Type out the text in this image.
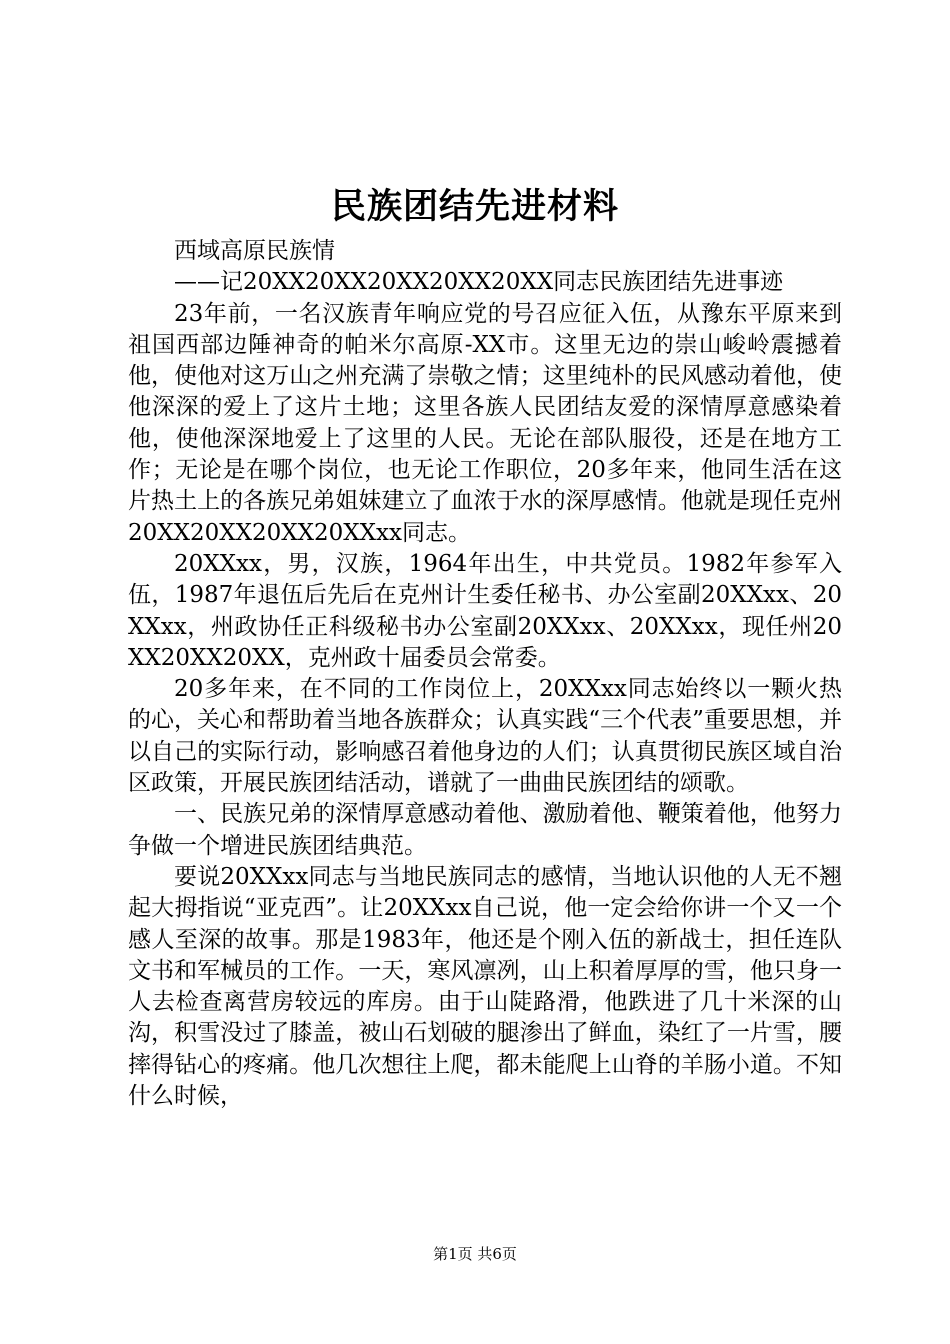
民族团结先进材料

西域高原民族情

——记20XX20XX20XX20XX20XX同志民族团结先进事迹

23年前，一名汉族青年响应党的号召应征入伍，从豫东平原来到祖国西部边陲神奇的帕米尔高原-XX市。这里无边的崇山峻岭震撼着他，使他对这万山之州充满了崇敬之情；这里纯朴的民风感动着他，使他深深的爱上了这片土地；这里各族人民团结友爱的深情厚意感染着他，使他深深地爱上了这里的人民。无论在部队服役，还是在地方工作；无论是在哪个岗位，也无论工作职位，20多年来，他同生活在这片热土上的各族兄弟姐妹建立了血浓于水的深厚感情。他就是现任克州20XX20XX20XX20XXxx同志。

20XXxx，男，汉族，1964年出生，中共党员。1982年参军入伍，1987年退伍后先后在克州计生委任秘书、办公室副20XXxx、20XXxx，州政协任正科级秘书办公室副20XXxx、20XXxx，现任州20XX20XX20XX，克州政十届委员会常委。

20多年来，在不同的工作岗位上，20XXxx同志始终以一颗火热的心，关心和帮助着当地各族群众；认真实践“三个代表”重要思想，并以自己的实际行动，影响感召着他身边的人们；认真贯彻民族区域自治区政策，开展民族团结活动，谱就了一曲曲民族团结的颂歌。

一、民族兄弟的深情厚意感动着他、激励着他、鞭策着他，他努力争做一个增进民族团结典范。

要说20XXxx同志与当地民族同志的感情，当地认识他的人无不翘起大拇指说“亚克西”。让20XXxx自己说，他一定会给你讲一个又一个感人至深的故事。那是1983年，他还是个刚入伍的新战士，担任连队文书和军械员的工作。一天，寒风凛冽，山上积着厚厚的雪，他只身一人去检查离营房较远的库房。由于山陡路滑，他跌进了几十米深的山沟，积雪没过了膝盖，被山石划破的腿渗出了鲜血，染红了一片雪，腰摔得钻心的疼痛。他几次想往上爬，都未能爬上山脊的羊肠小道。不知什么时候，

第1页 共6页
